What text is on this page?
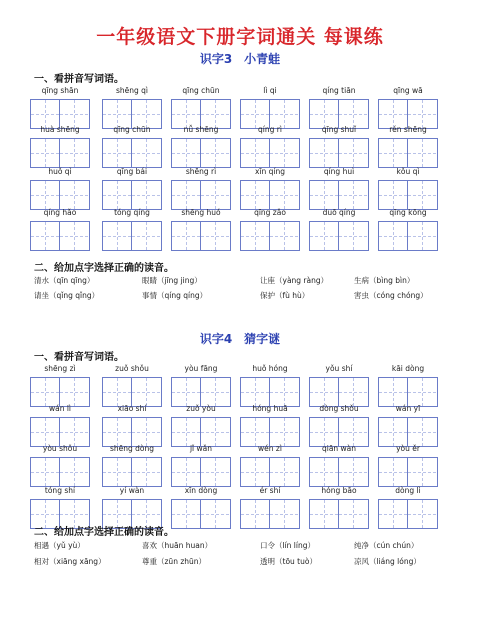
一年级语文下册字词通关 每课练
识字3　小青蛙
一、看拼音写词语。
qīng shān	shēng qì	qīng chūn	lì qi	qíng tiān	qīng wā
huà shēng	qīng chūn	nǚ shēng	qíng rì	qīng shuǐ	rén shēng
huǒ qì	qīng bái	shēng rì	xīn qíng	qíng huì	kǒu qì
qíng hǎo	tóng qíng	shēng huó	qīng zǎo	duō qíng	qīng kōng
二、给加点字选择正确的读音。
清水（qīn qīng）	眼睛（jīng jing）	让座（yàng ràng）	生病（bìng bìn）
请坐（qǐng qǐng）	事情（qíng qíng）	保护（fù hù）	害虫（cóng chóng）
识字4　猜字谜
一、看拼音写词语。
shēng zì	zuǒ shǒu	yòu fāng	huǒ hóng	yǒu shí	kāi dòng
wán lì	xiāo shí	zuǒ yòu	hóng huā	dòng shǒu	wán yī
yòu shǒu	shēng dòng	jǐ wǎn	wén zì	qiān wàn	yòu ěr
tóng shí	yí wàn	xīn dòng	ér shí	hóng bāo	dòng lì
二、给加点字选择正确的读音。
相遇（yǔ yù）	喜欢（huān huan）	口令（lín líng）	纯净（cún chún）
相对（xiāng xāng）	尊重（zūn zhūn）	透明（tōu tuò）	凉风（liáng lóng）
